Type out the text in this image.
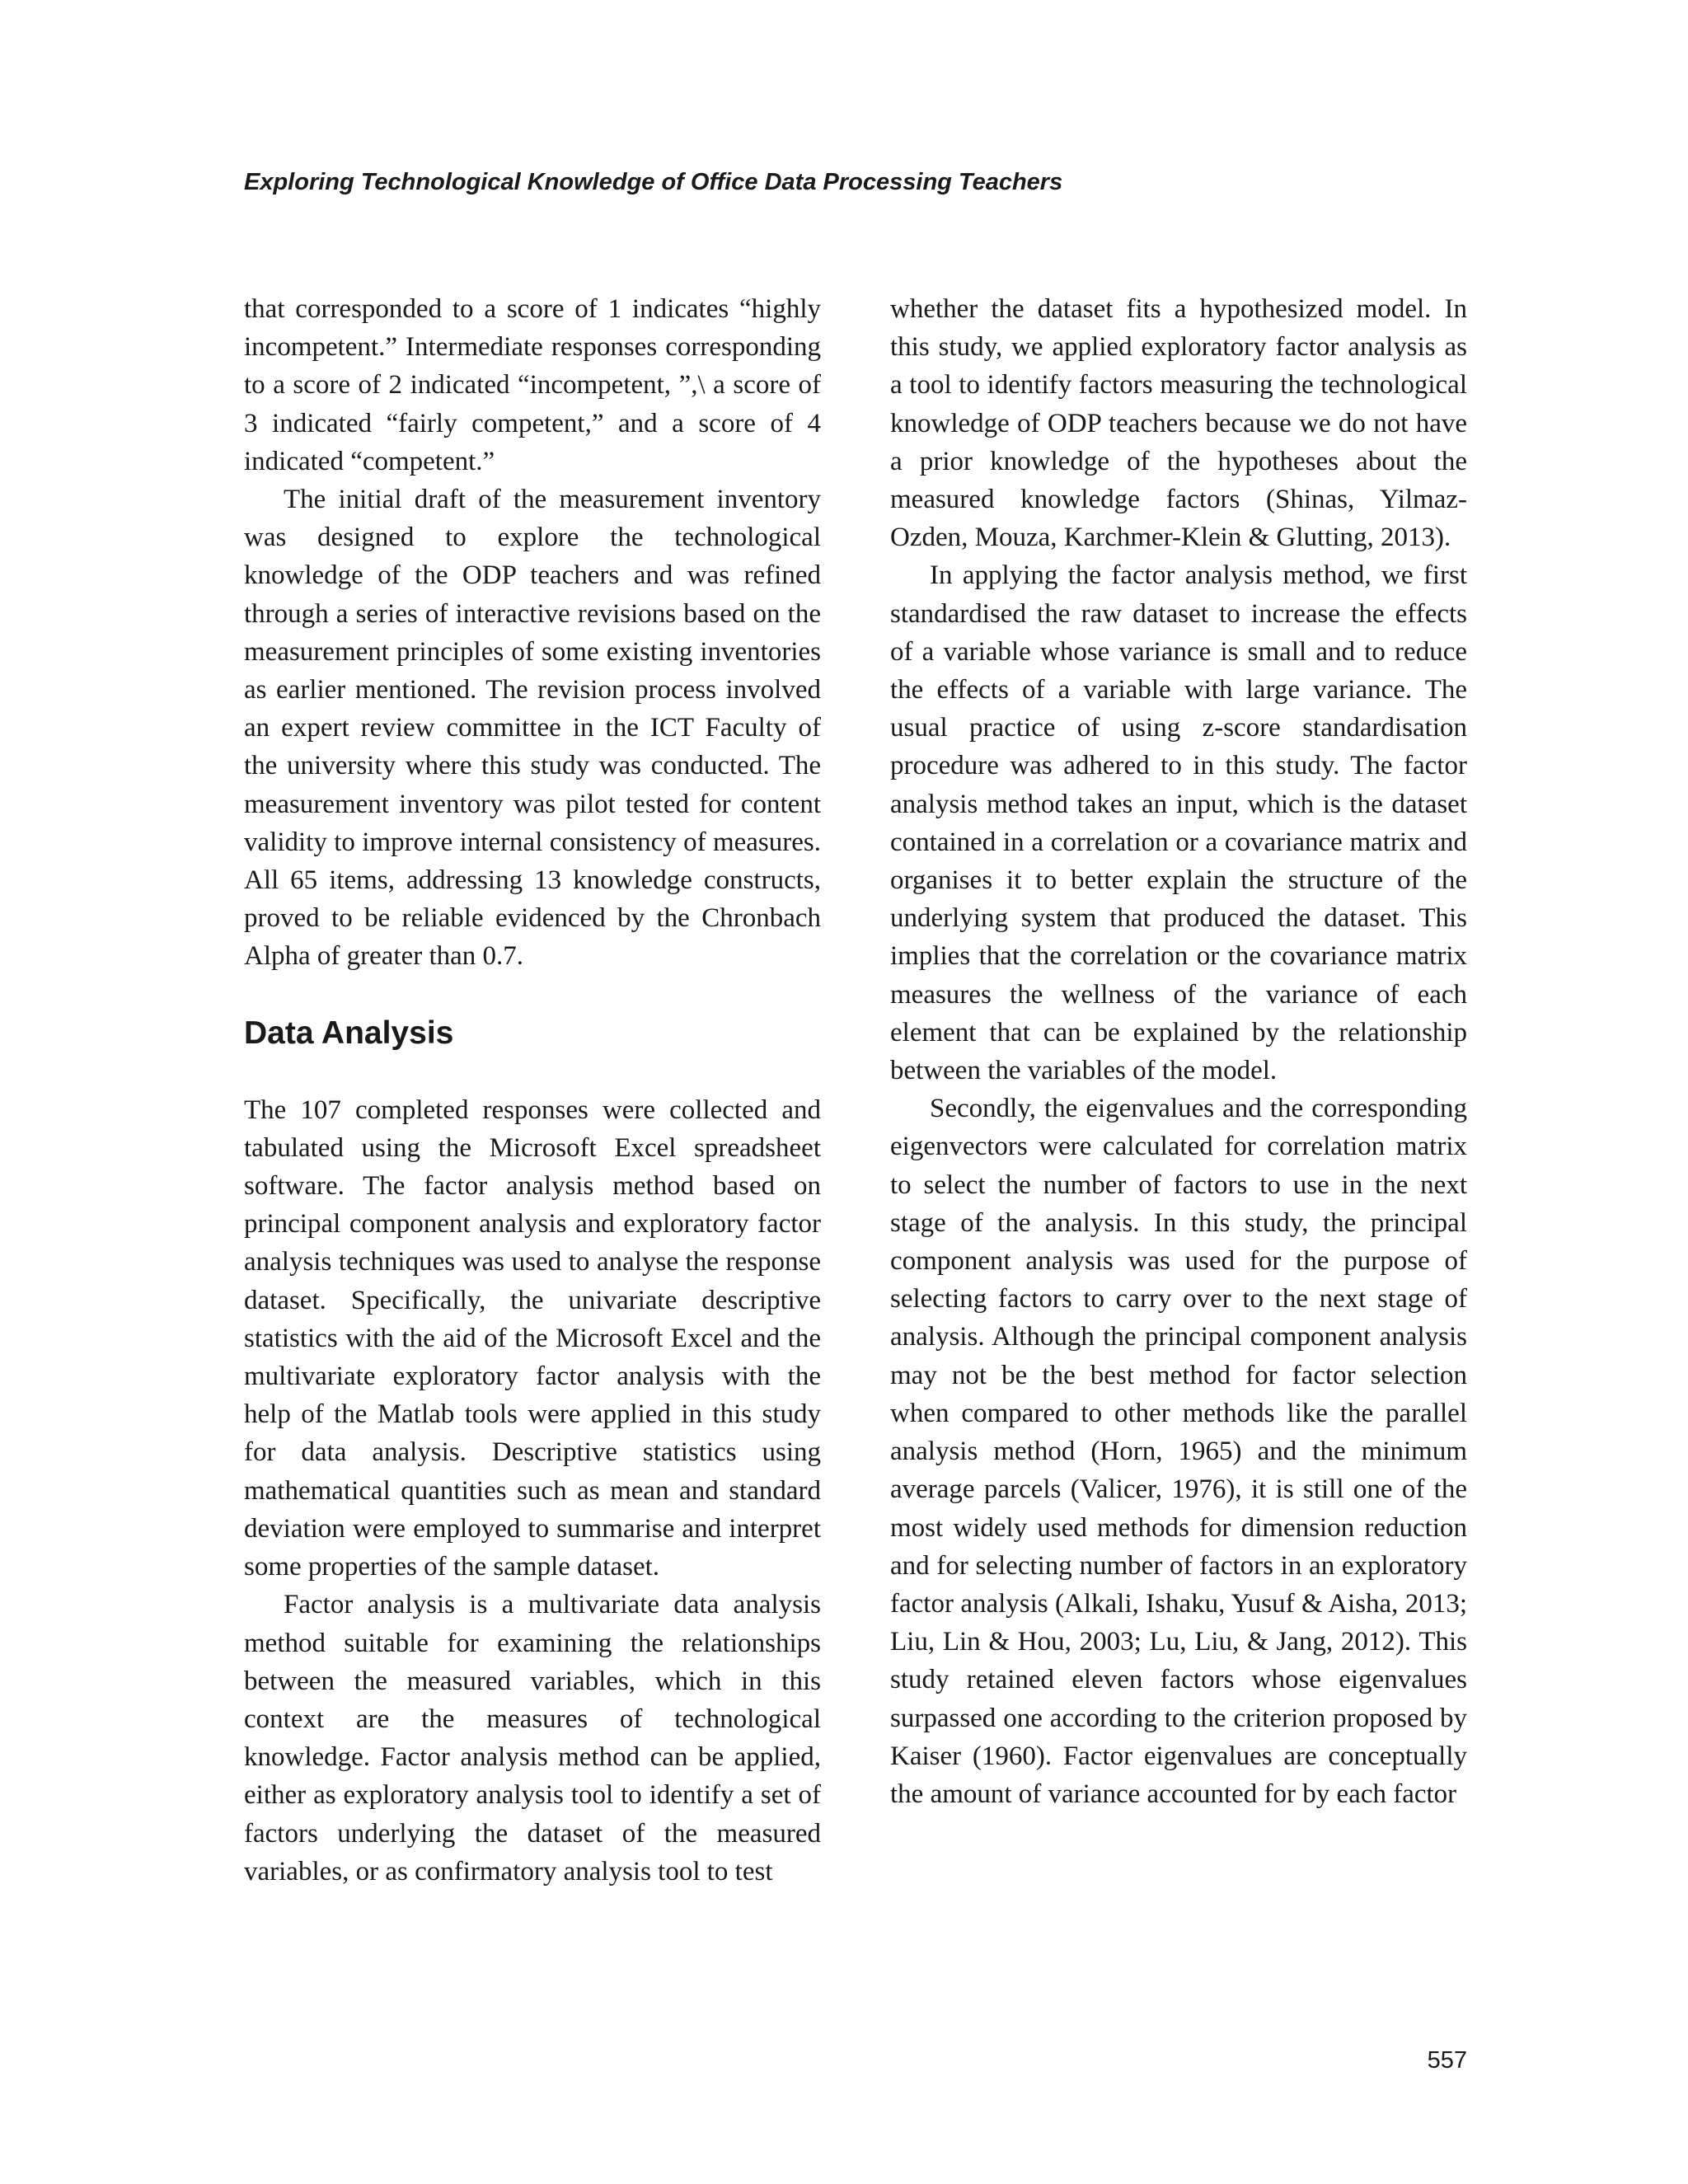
Exploring Technological Knowledge of Office Data Processing Teachers

that corresponded to a score of 1 indicates “highly incompetent.” Intermediate responses corresponding to a score of 2 indicated “incompetent, ”,\ a score of 3 indicated “fairly competent,” and a score of 4 indicated “competent.”

The initial draft of the measurement inventory was designed to explore the technological knowledge of the ODP teachers and was refined through a series of interactive revisions based on the measurement principles of some existing inventories as earlier mentioned. The revision process involved an expert review committee in the ICT Faculty of the university where this study was conducted. The measurement inventory was pilot tested for content validity to improve internal consistency of measures. All 65 items, addressing 13 knowledge constructs, proved to be reliable evidenced by the Chronbach Alpha of greater than 0.7.

Data Analysis

The 107 completed responses were collected and tabulated using the Microsoft Excel spreadsheet software. The factor analysis method based on principal component analysis and exploratory factor analysis techniques was used to analyse the response dataset. Specifically, the univariate descriptive statistics with the aid of the Microsoft Excel and the multivariate exploratory factor analysis with the help of the Matlab tools were applied in this study for data analysis. Descriptive statistics using mathematical quantities such as mean and standard deviation were employed to summarise and interpret some properties of the sample dataset.

Factor analysis is a multivariate data analysis method suitable for examining the relationships between the measured variables, which in this context are the measures of technological knowledge. Factor analysis method can be applied, either as exploratory analysis tool to identify a set of factors underlying the dataset of the measured variables, or as confirmatory analysis tool to test

whether the dataset fits a hypothesized model. In this study, we applied exploratory factor analysis as a tool to identify factors measuring the technological knowledge of ODP teachers because we do not have a prior knowledge of the hypotheses about the measured knowledge factors (Shinas, Yilmaz-Ozden, Mouza, Karchmer-Klein & Glutting, 2013).

In applying the factor analysis method, we first standardised the raw dataset to increase the effects of a variable whose variance is small and to reduce the effects of a variable with large variance. The usual practice of using z-score standardisation procedure was adhered to in this study. The factor analysis method takes an input, which is the dataset contained in a correlation or a covariance matrix and organises it to better explain the structure of the underlying system that produced the dataset. This implies that the correlation or the covariance matrix measures the wellness of the variance of each element that can be explained by the relationship between the variables of the model.

Secondly, the eigenvalues and the corresponding eigenvectors were calculated for correlation matrix to select the number of factors to use in the next stage of the analysis. In this study, the principal component analysis was used for the purpose of selecting factors to carry over to the next stage of analysis. Although the principal component analysis may not be the best method for factor selection when compared to other methods like the parallel analysis method (Horn, 1965) and the minimum average parcels (Valicer, 1976), it is still one of the most widely used methods for dimension reduction and for selecting number of factors in an exploratory factor analysis (Alkali, Ishaku, Yusuf & Aisha, 2013; Liu, Lin & Hou, 2003; Lu, Liu, & Jang, 2012). This study retained eleven factors whose eigenvalues surpassed one according to the criterion proposed by Kaiser (1960). Factor eigenvalues are conceptually the amount of variance accounted for by each factor

557
